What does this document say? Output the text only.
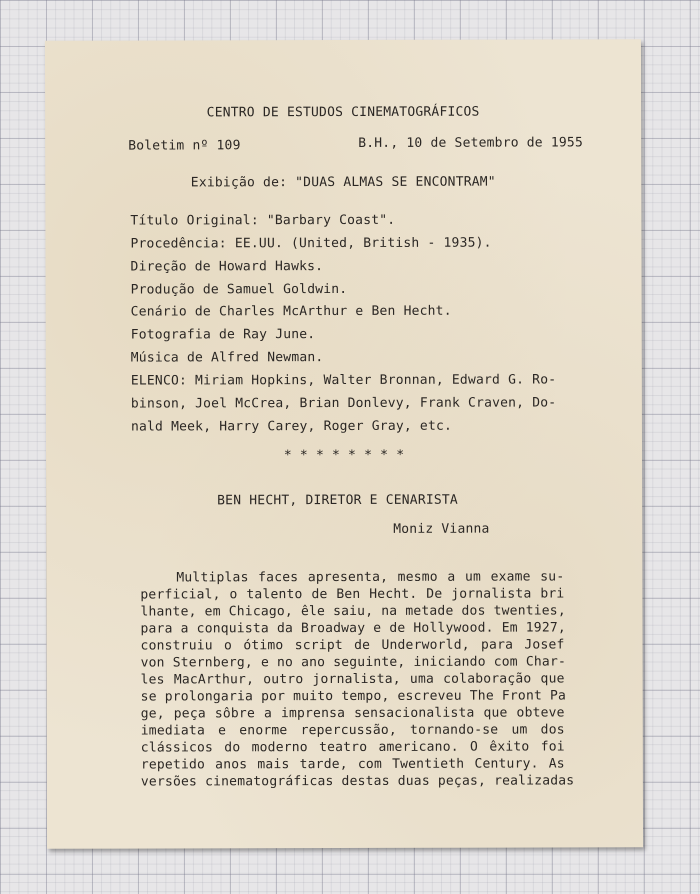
CENTRO DE ESTUDOS CINEMATOGRÁFICOS
Boletim nº 109	B.H., 10 de Setembro de 1955
Exibição de: "DUAS ALMAS SE ENCONTRAM"
Título Original: "Barbary Coast".
Procedência: EE.UU. (United, British - 1935).
Direção de Howard Hawks.
Produção de Samuel Goldwin.
Cenário de Charles McArthur e Ben Hecht.
Fotografia de Ray June.
Música de Alfred Newman.
ELENCO: Miriam Hopkins, Walter Bronnan, Edward G. Ro-
binson, Joel McCrea, Brian Donlevy, Frank Craven, Do-
nald Meek, Harry Carey, Roger Gray, etc.
* * * * * * * *
BEN HECHT, DIRETOR E CENARISTA
Moniz Vianna
Multiplas faces apresenta, mesmo a um exame su-
perficial, o talento de Ben Hecht. De jornalista bri
lhante, em Chicago, êle saiu, na metade dos twenties,
para a conquista da Broadway e de Hollywood. Em 1927,
construiu o ótimo script de Underworld, para Josef
von Sternberg, e no ano seguinte, iniciando com Char-
les MacArthur, outro jornalista, uma colaboração que
se prolongaria por muito tempo, escreveu The Front Pa
ge, peça sôbre a imprensa sensacionalista que obteve
imediata e enorme repercussão, tornando-se um dos
clássicos do moderno teatro americano. O êxito foi
repetido anos mais tarde, com Twentieth Century. As
versões cinematográficas destas duas peças, realizadas
